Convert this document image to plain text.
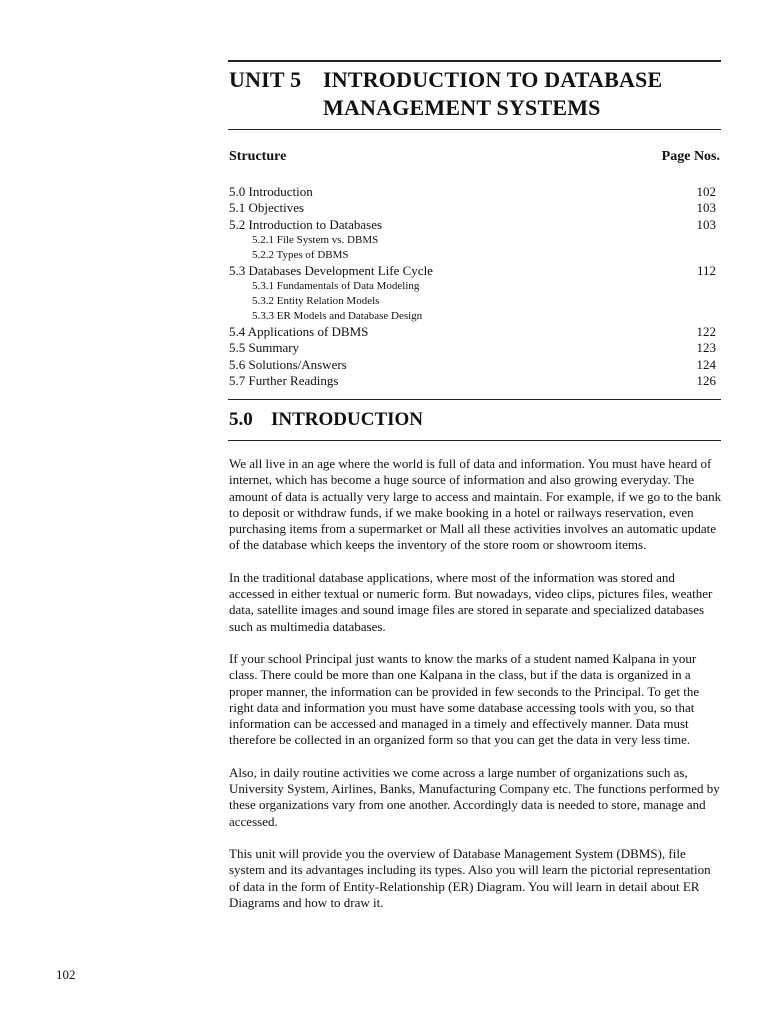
UNIT 5 INTRODUCTION TO DATABASE
MANAGEMENT SYSTEMS
Structure	Page Nos.
5.0 Introduction	102
5.1 Objectives	103
5.2 Introduction to Databases	103
5.2.1 File System vs. DBMS
5.2.2 Types of DBMS
5.3 Databases Development Life Cycle	112
5.3.1 Fundamentals of Data Modeling
5.3.2 Entity Relation Models
5.3.3 ER Models and Database Design
5.4 Applications of DBMS	122
5.5 Summary	123
5.6 Solutions/Answers	124
5.7 Further Readings	126
5.0 INTRODUCTION

We all live in an age where the world is full of data and information. You must have heard of internet, which has become a huge source of information and also growing everyday. The amount of data is actually very large to access and maintain. For example, if we go to the bank to deposit or withdraw funds, if we make booking in a hotel or railways reservation, even purchasing items from a supermarket or Mall all these activities involves an automatic update of the database which keeps the inventory of the store room or showroom items.

In the traditional database applications, where most of the information was stored and accessed in either textual or numeric form. But nowadays, video clips, pictures files, weather data, satellite images and sound image files are stored in separate and specialized databases such as multimedia databases.

If your school Principal just wants to know the marks of a student named Kalpana in your class. There could be more than one Kalpana in the class, but if the data is organized in a proper manner, the information can be provided in few seconds to the Principal. To get the right data and information you must have some database accessing tools with you, so that information can be accessed and managed in a timely and effectively manner. Data must therefore be collected in an organized form so that you can get the data in very less time.

Also, in daily routine activities we come across a large number of organizations such as, University System, Airlines, Banks, Manufacturing Company etc. The functions performed by these organizations vary from one another. Accordingly data is needed to store, manage and accessed.

This unit will provide you the overview of Database Management System (DBMS), file system and its advantages including its types. Also you will learn the pictorial representation of data in the form of Entity-Relationship (ER) Diagram. You will learn in detail about ER Diagrams and how to draw it.

102
